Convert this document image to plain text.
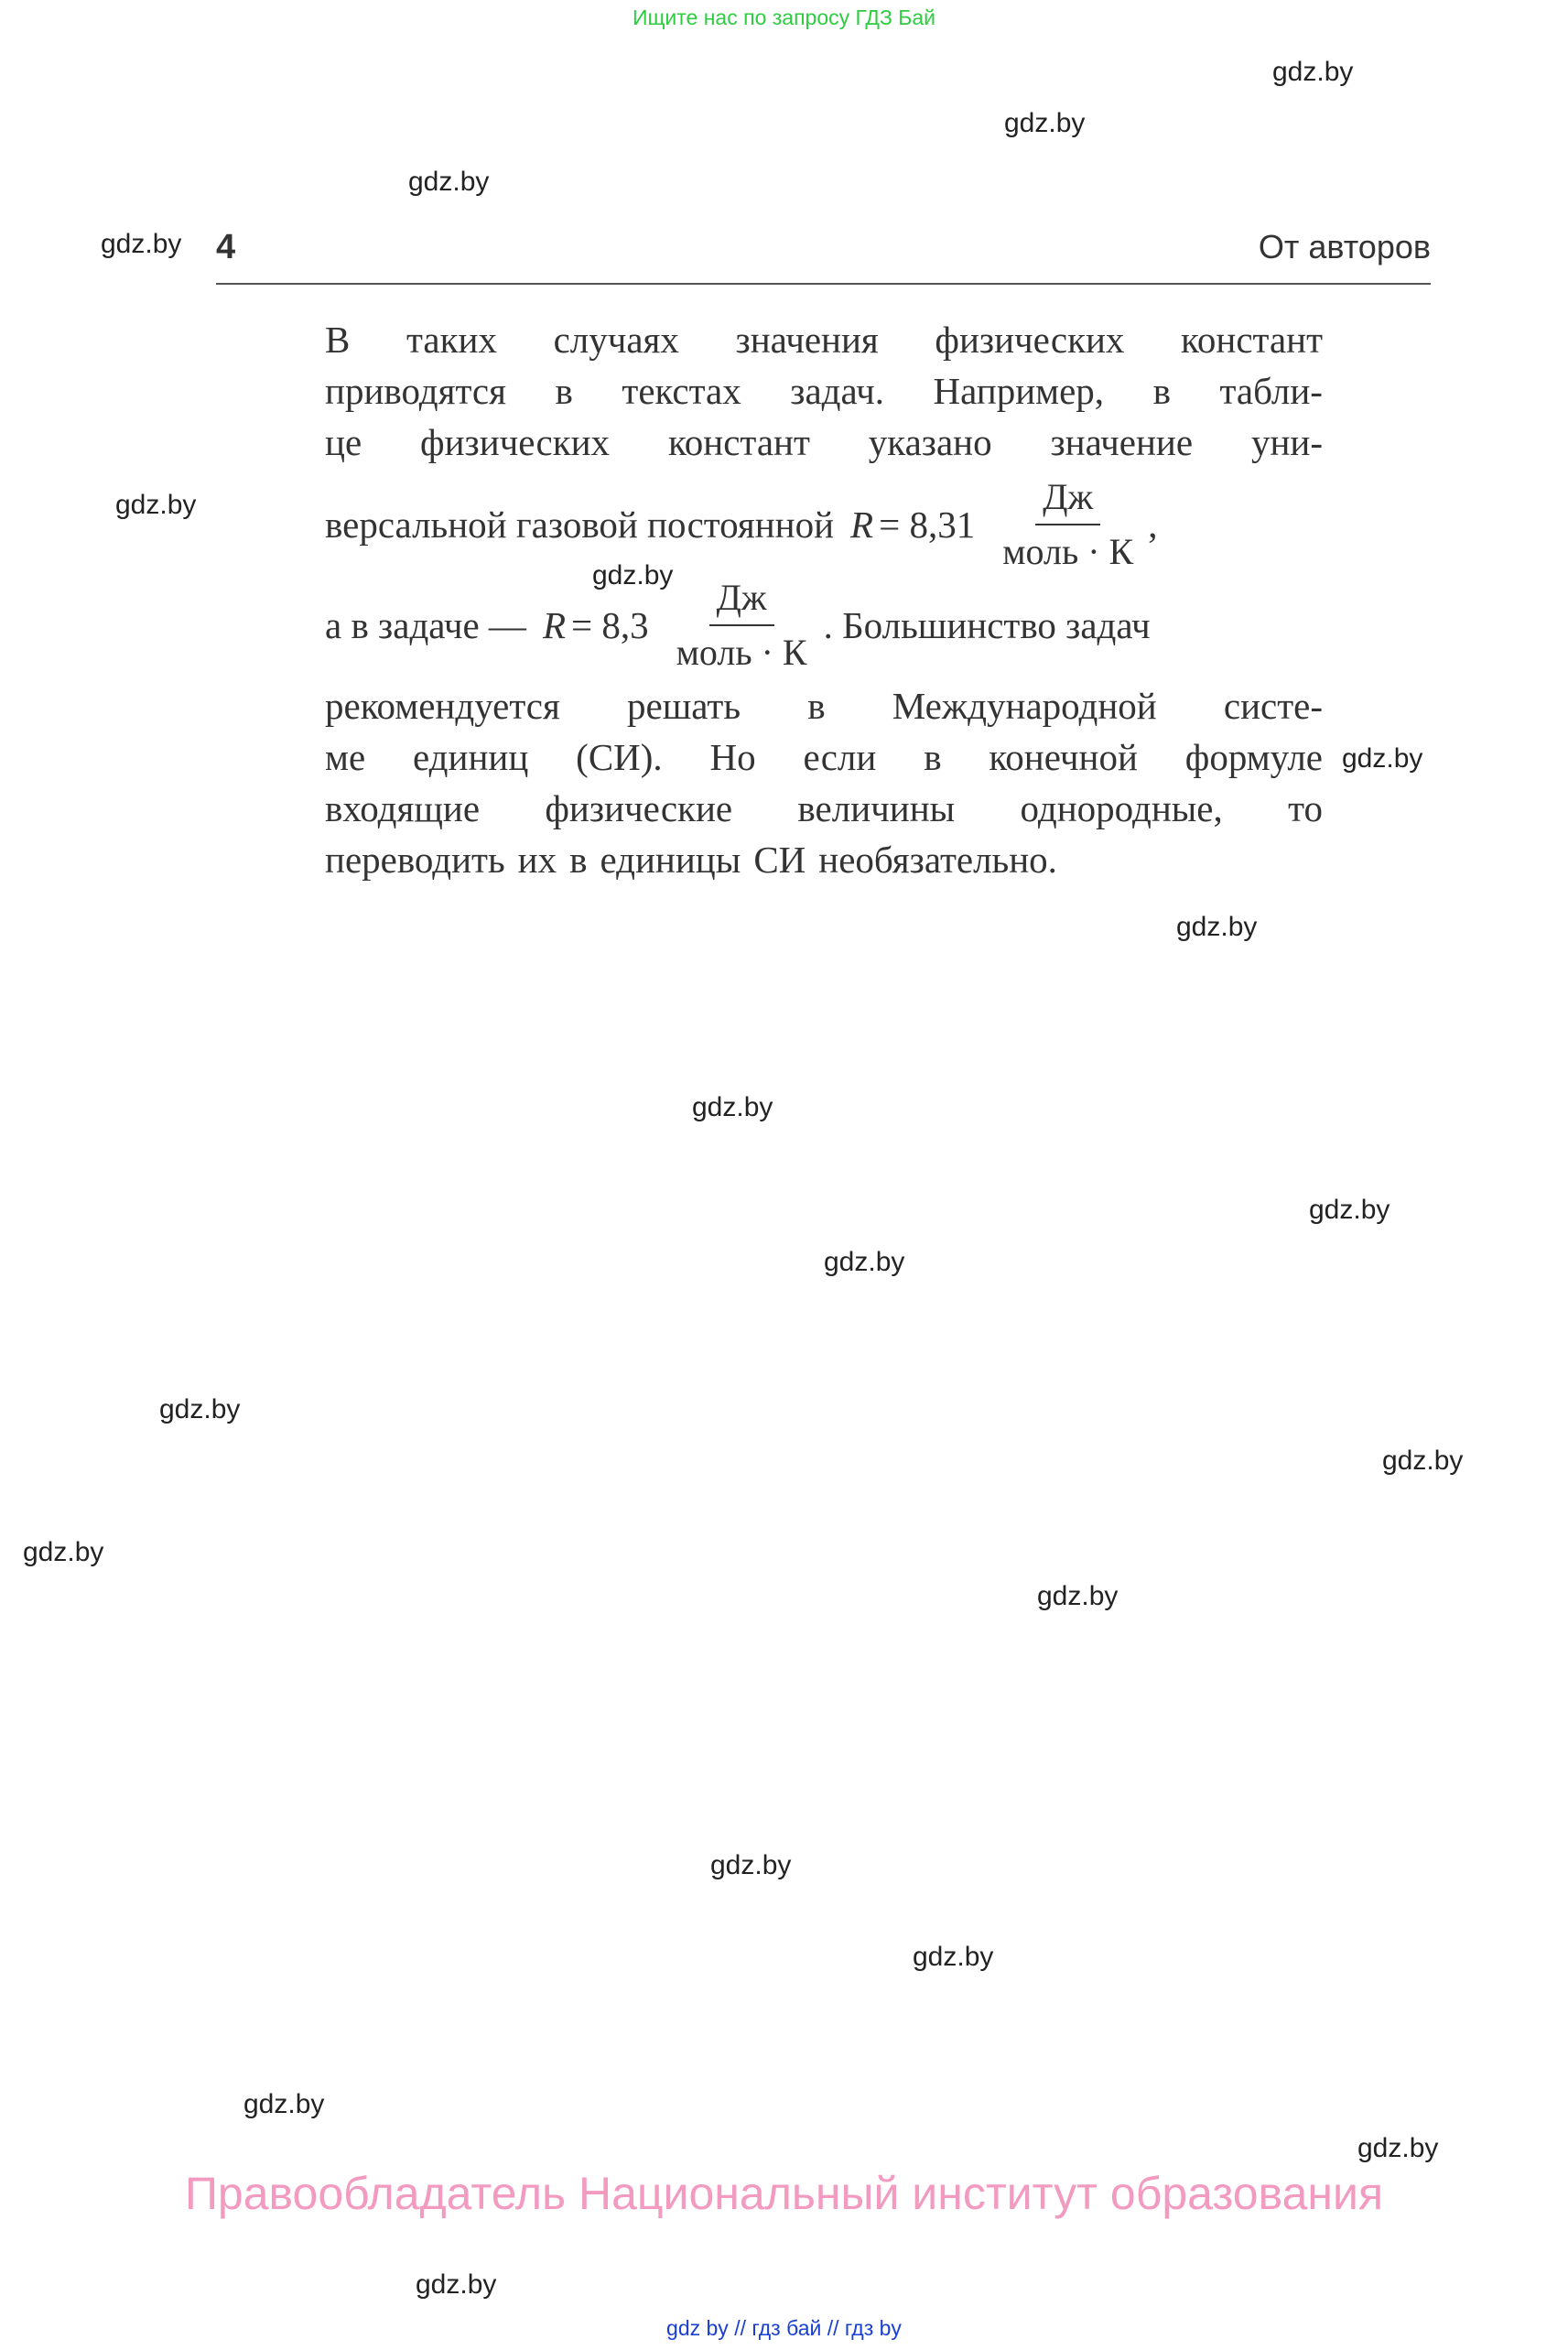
Ищите нас по запросу ГДЗ Бай
gdz.by
gdz.by
gdz.by
gdz.by
gdz.by
gdz.by
gdz.by
gdz.by
gdz.by
gdz.by
gdz.by
gdz.by
gdz.by
gdz.by
gdz.by
gdz.by
gdz.by
gdz.by
gdz.by
gdz.by
4	От авторов
В таких случаях значения физических констант
приводятся в текстах задач. Например, в табли-
це физических констант указано значение уни-
версальной газовой постоянной $R = 8,31 \frac{Дж}{\text{моль · К}}$ ,
а в задаче — $R = 8,3 \frac{Дж}{\text{моль · К}}$ . Большинство задач
рекомендуется решать в Международной систе-
ме единиц (СИ). Но если в конечной формуле
входящие физические величины однородные, то
переводить их в единицы СИ необязательно.
Правообладатель Национальный институт образования
gdz by // гдз бай // гдз by
